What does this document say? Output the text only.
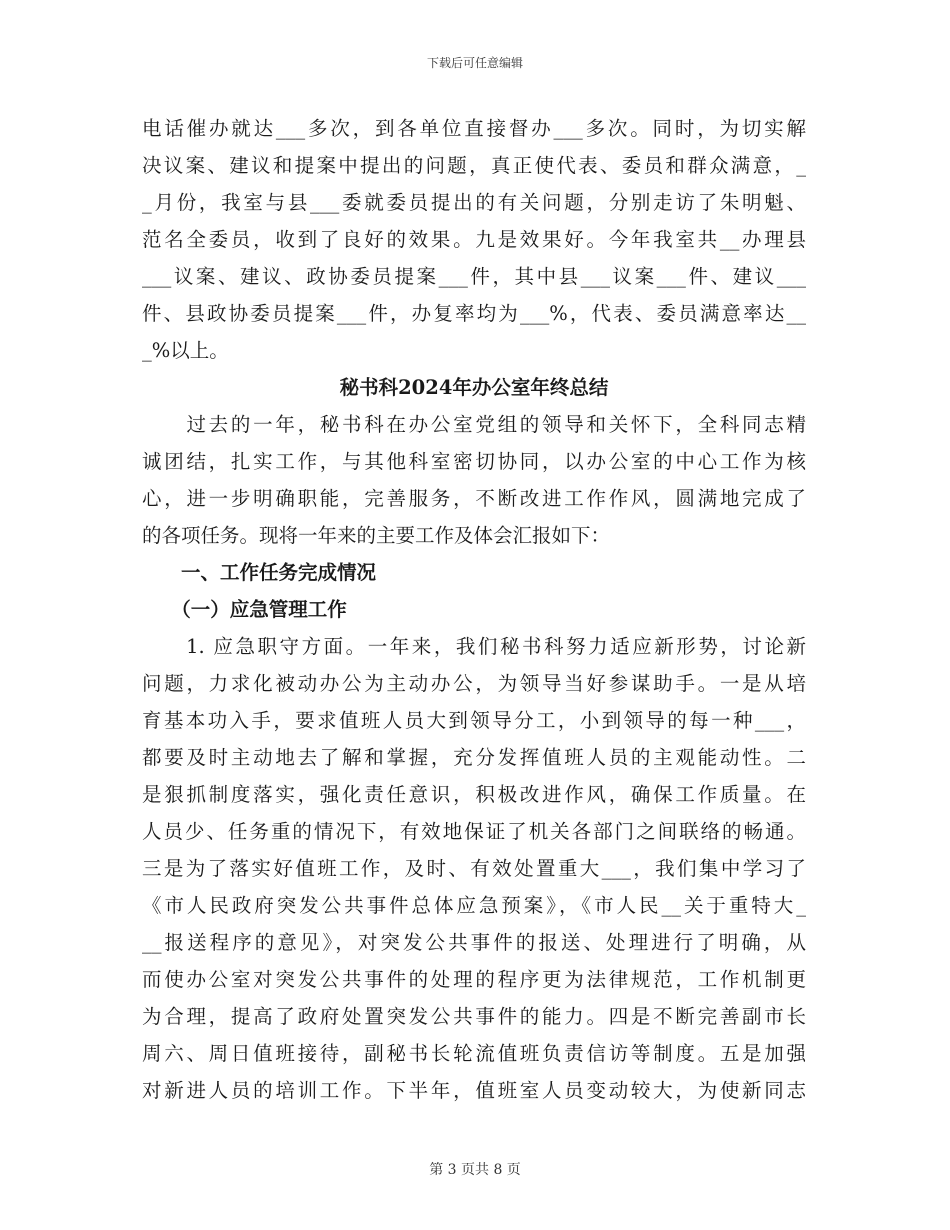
下载后可任意编辑
电话催办就达___多次，到各单位直接督办___多次。同时，为切实解
决议案、建议和提案中提出的问题，真正使代表、委员和群众满意，_
_月份，我室与县___委就委员提出的有关问题，分别走访了朱明魁、
范名全委员，收到了良好的效果。九是效果好。今年我室共__办理县
___议案、建议、政协委员提案___件，其中县___议案___件、建议___
件、县政协委员提案___件，办复率均为___%，代表、委员满意率达__
_%以上。
秘书科2024年办公室年终总结
　　过去的一年，秘书科在办公室党组的领导和关怀下，全科同志精
诚团结，扎实工作，与其他科室密切协同，以办公室的中心工作为核
心，进一步明确职能，完善服务，不断改进工作作风，圆满地完成了
的各项任务。现将一年来的主要工作及体会汇报如下：
　　一、工作任务完成情况
　　（一）应急管理工作
　　1. 应急职守方面。一年来，我们秘书科努力适应新形势，讨论新
问题，力求化被动办公为主动办公，为领导当好参谋助手。一是从培
育基本功入手，要求值班人员大到领导分工，小到领导的每一种___，
都要及时主动地去了解和掌握，充分发挥值班人员的主观能动性。二
是狠抓制度落实，强化责任意识，积极改进作风，确保工作质量。在
人员少、任务重的情况下，有效地保证了机关各部门之间联络的畅通。
三是为了落实好值班工作，及时、有效处置重大___，我们集中学习了
《市人民政府突发公共事件总体应急预案》，《市人民__关于重特大_
__报送程序的意见》，对突发公共事件的报送、处理进行了明确，从
而使办公室对突发公共事件的处理的程序更为法律规范，工作机制更
为合理，提高了政府处置突发公共事件的能力。四是不断完善副市长
周六、周日值班接待，副秘书长轮流值班负责信访等制度。五是加强
对新进人员的培训工作。下半年，值班室人员变动较大，为使新同志
第 3 页共 8 页
